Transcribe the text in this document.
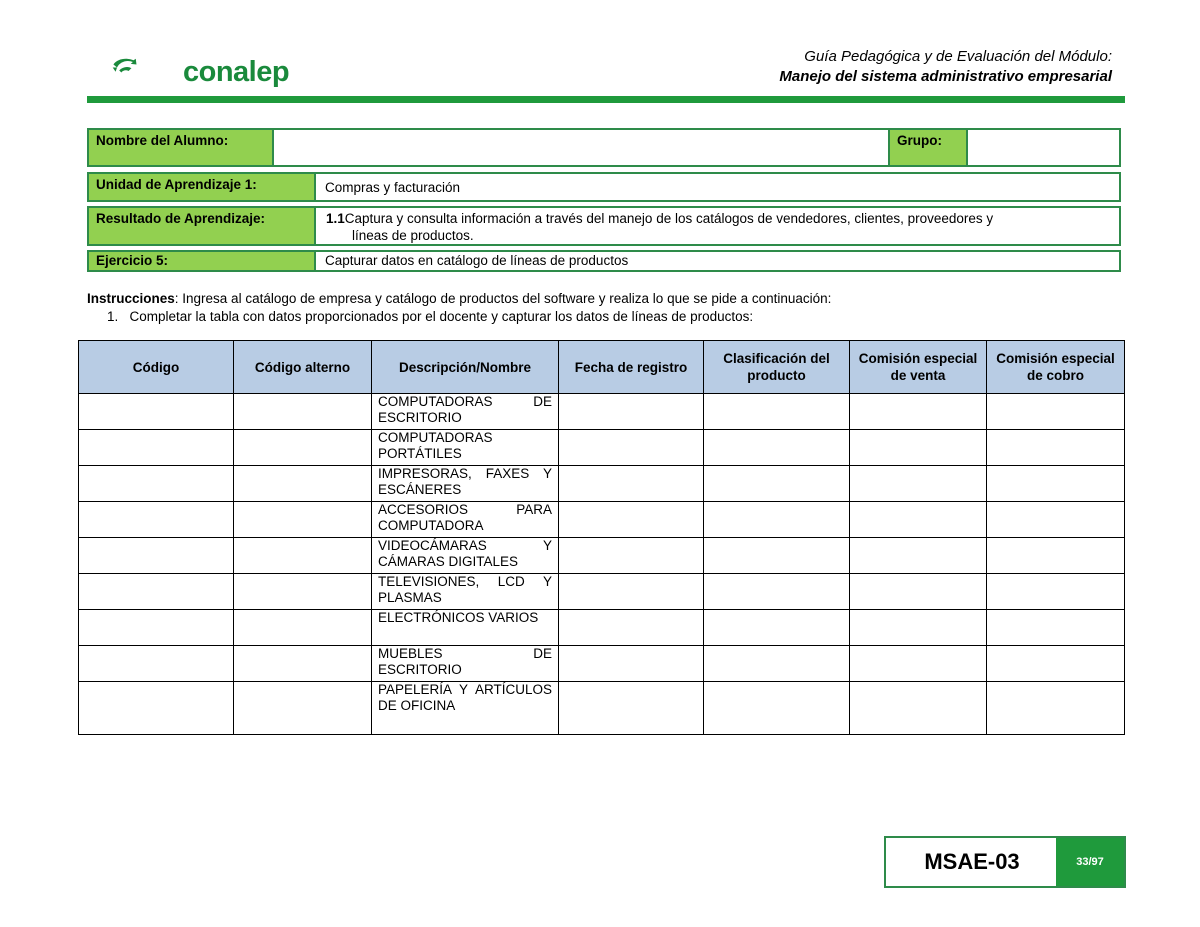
conalep	Guía Pedagógica y de Evaluación del Módulo:
Manejo del sistema administrativo empresarial
Nombre del Alumno:	Grupo:
Unidad de Aprendizaje 1:	Compras y facturación
Resultado de Aprendizaje:	1.1Captura y consulta información a través del manejo de los catálogos de vendedores, clientes, proveedores y
líneas de productos.
Ejercicio 5:	Capturar datos en catálogo de líneas de productos
Instrucciones: Ingresa al catálogo de empresa y catálogo de productos del software y realiza lo que se pide a continuación:
1. Completar la tabla con datos proporcionados por el docente y capturar los datos de líneas de productos:
Código	Código alterno	Descripción/Nombre	Fecha de registro	Clasificación del producto	Comisión especial de venta	Comisión especial de cobro
		COMPUTADORAS DE ESCRITORIO				
		COMPUTADORAS PORTÁTILES				
		IMPRESORAS, FAXES Y ESCÁNERES				
		ACCESORIOS PARA COMPUTADORA				
		VIDEOCÁMARAS Y CÁMARAS DIGITALES				
		TELEVISIONES, LCD Y PLASMAS				
		ELECTRÓNICOS VARIOS				
		MUEBLES DE ESCRITORIO				
		PAPELERÍA Y ARTÍCULOS DE OFICINA				
MSAE-03	33/97
